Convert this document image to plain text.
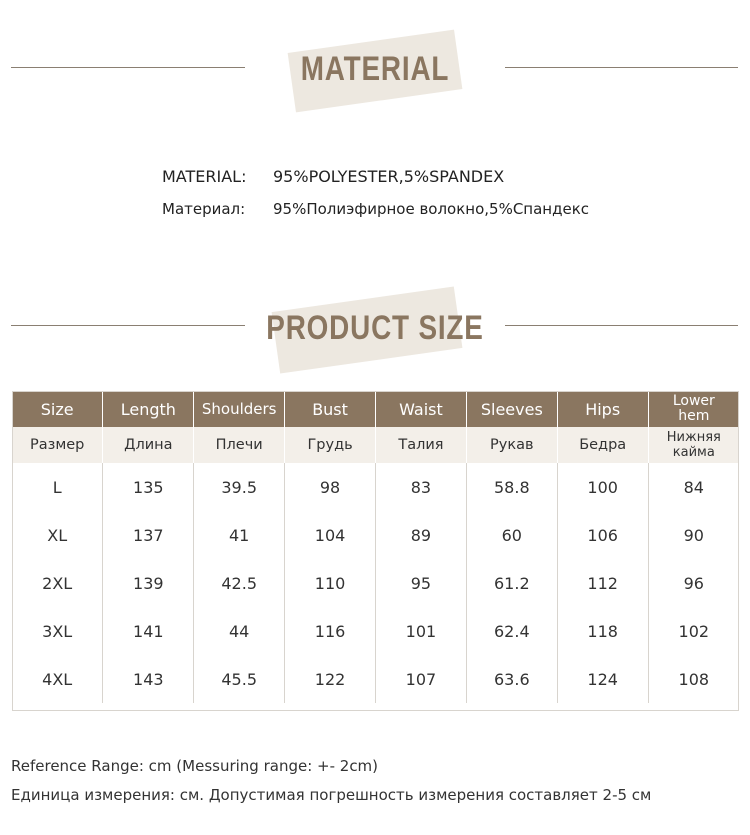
MATERIAL
MATERIAL: 95%POLYESTER,5%SPANDEX
Материал: 95%Полиэфирное волокно,5%Спандекс
PRODUCT SIZE
Size	Length	Shoulders	Bust	Waist	Sleeves	Hips	Lower hem
Размер	Длина	Плечи	Грудь	Талия	Рукав	Бедра	Нижняя кайма
L	135	39.5	98	83	58.8	100	84
XL	137	41	104	89	60	106	90
2XL	139	42.5	110	95	61.2	112	96
3XL	141	44	116	101	62.4	118	102
4XL	143	45.5	122	107	63.6	124	108
Reference Range: cm (Messuring range: +- 2cm)
Единица измерения: см. Допустимая погрешность измерения составляет 2-5 см
